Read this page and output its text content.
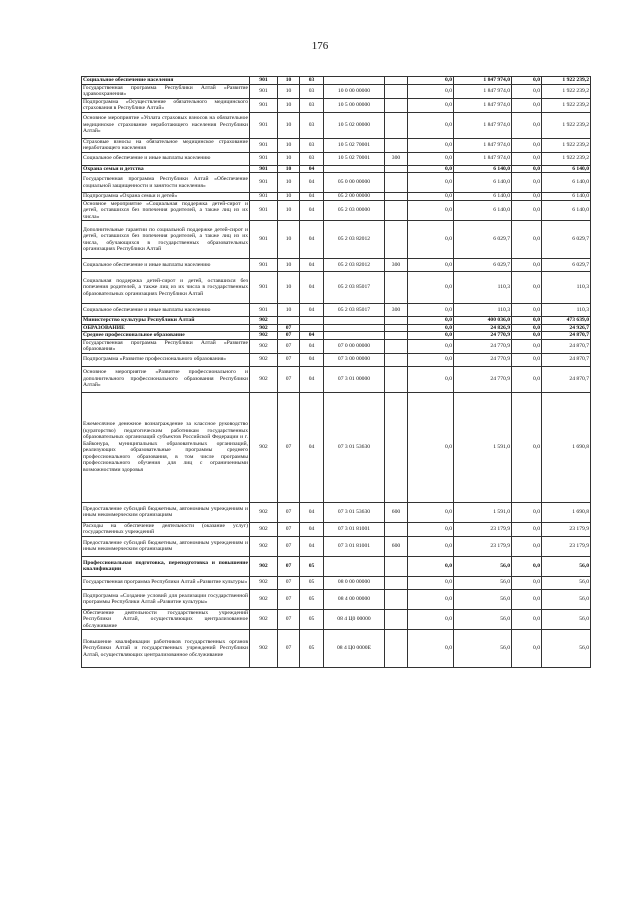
176
Социальное обеспечение населения	901	10	03			0,0	1 847 974,0	0,0	1 922 239,2
Государственная программа Республики Алтай «Развитие здравоохранения»	901	10	03	10 0 00 00000		0,0	1 847 974,0	0,0	1 922 239,2
Подпрограмма «Осуществление обязательного медицинского страхования в Республике Алтай»	901	10	03	10 5 00 00000		0,0	1 847 974,0	0,0	1 922 239,2
Основное мероприятие «Уплата страховых взносов на обязательное медицинское страхование неработающего населения Республики Алтай»	901	10	03	10 5 02 00000		0,0	1 847 974,0	0,0	1 922 239,2
Страховые взносы на обязательное медицинское страхование неработающего населения	901	10	03	10 5 02 70001		0,0	1 847 974,0	0,0	1 922 239,2
Социальное обеспечение и иные выплаты населению	901	10	03	10 5 02 70001	300	0,0	1 847 974,0	0,0	1 922 239,2
Охрана семьи и детства	901	10	04			0,0	6 140,0	0,0	6 140,0
Государственная программа Республики Алтай «Обеспечение социальной защищенности и занятости населения»	901	10	04	05 0 00 00000		0,0	6 140,0	0,0	6 140,0
Подпрограмма «Охрана семьи и детей»	901	10	04	05 2 00 00000		0,0	6 140,0	0,0	6 140,0
Основное мероприятие «Социальная поддержка детей-сирот и детей, оставшихся без попечения родителей, а также лиц из их числа»	901	10	04	05 2 03 00000		0,0	6 140,0	0,0	6 140,0
Дополнительные гарантии по социальной поддержке детей-сирот и детей, оставшихся без попечения родителей, а также лиц из их числа, обучающихся в государственных образовательных организациях Республики Алтай	901	10	04	05 2 03 82012		0,0	6 029,7	0,0	6 029,7
Социальное обеспечение и иные выплаты населению	901	10	04	05 2 03 82012	300	0,0	6 029,7	0,0	6 029,7
Социальная поддержка детей-сирот и детей, оставшихся без попечения родителей, а также лиц из их числа в государственных образовательных организациях Республики Алтай	901	10	04	05 2 03 85017		0,0	110,3	0,0	110,3
Социальное обеспечение и иные выплаты населению	901	10	04	05 2 03 85017	300	0,0	110,3	0,0	110,3
Министерство культуры Республики Алтай	902					0,0	400 036,0	0,0	473 639,0
ОБРАЗОВАНИЕ	902	07				0,0	24 826,9	0,0	24 926,7
Среднее профессиональное образование	902	07	04			0,0	24 770,9	0,0	24 870,7
Государственная программа Республики Алтай «Развитие образования»	902	07	04	07 0 00 00000		0,0	24 770,9	0,0	24 870,7
Подпрограмма «Развитие профессионального образования»	902	07	04	07 3 00 00000		0,0	24 770,9	0,0	24 870,7
Основное мероприятие «Развитие профессионального и дополнительного профессионального образования Республики Алтай»	902	07	04	07 3 01 00000		0,0	24 770,9	0,0	24 870,7
Ежемесячное денежное вознаграждение за классное руководство (кураторство) педагогическим работникам государственных образовательных организаций субъектов Российской Федерации и г. Байконура, муниципальных образовательных организаций, реализующих образовательные программы среднего профессионального образования, в том числе программы профессионального обучения для лиц с ограниченными возможностями здоровья	902	07	04	07 3 01 53630		0,0	1 591,0	0,0	1 690,8
Предоставление субсидий бюджетным, автономным учреждениям и иным некоммерческим организациям	902	07	04	07 3 01 53630	600	0,0	1 591,0	0,0	1 690,8
Расходы на обеспечение деятельности (оказание услуг) государственных учреждений	902	07	04	07 3 01 81001		0,0	23 179,9	0,0	23 179,9
Предоставление субсидий бюджетным, автономным учреждениям и иным некоммерческим организациям	902	07	04	07 3 01 81001	600	0,0	23 179,9	0,0	23 179,9
Профессиональная подготовка, переподготовка и повышение квалификации	902	07	05			0,0	56,0	0,0	56,0
Государственная программа Республики Алтай «Развитие культуры»	902	07	05	08 0 00 00000		0,0	56,0	0,0	56,0
Подпрограмма «Создание условий для реализации государственной программы Республики Алтай «Развитие культуры»	902	07	05	08 4 00 00000		0,0	56,0	0,0	56,0
Обеспечение деятельности государственных учреждений Республики Алтай, осуществляющих централизованное обслуживание	902	07	05	08 4 Ц0 00000		0,0	56,0	0,0	56,0
Повышение квалификации работников государственных органов Республики Алтай и государственных учреждений Республики Алтай, осуществляющих централизованное обслуживание	902	07	05	08 4 Ц0 0000Е		0,0	56,0	0,0	56,0
